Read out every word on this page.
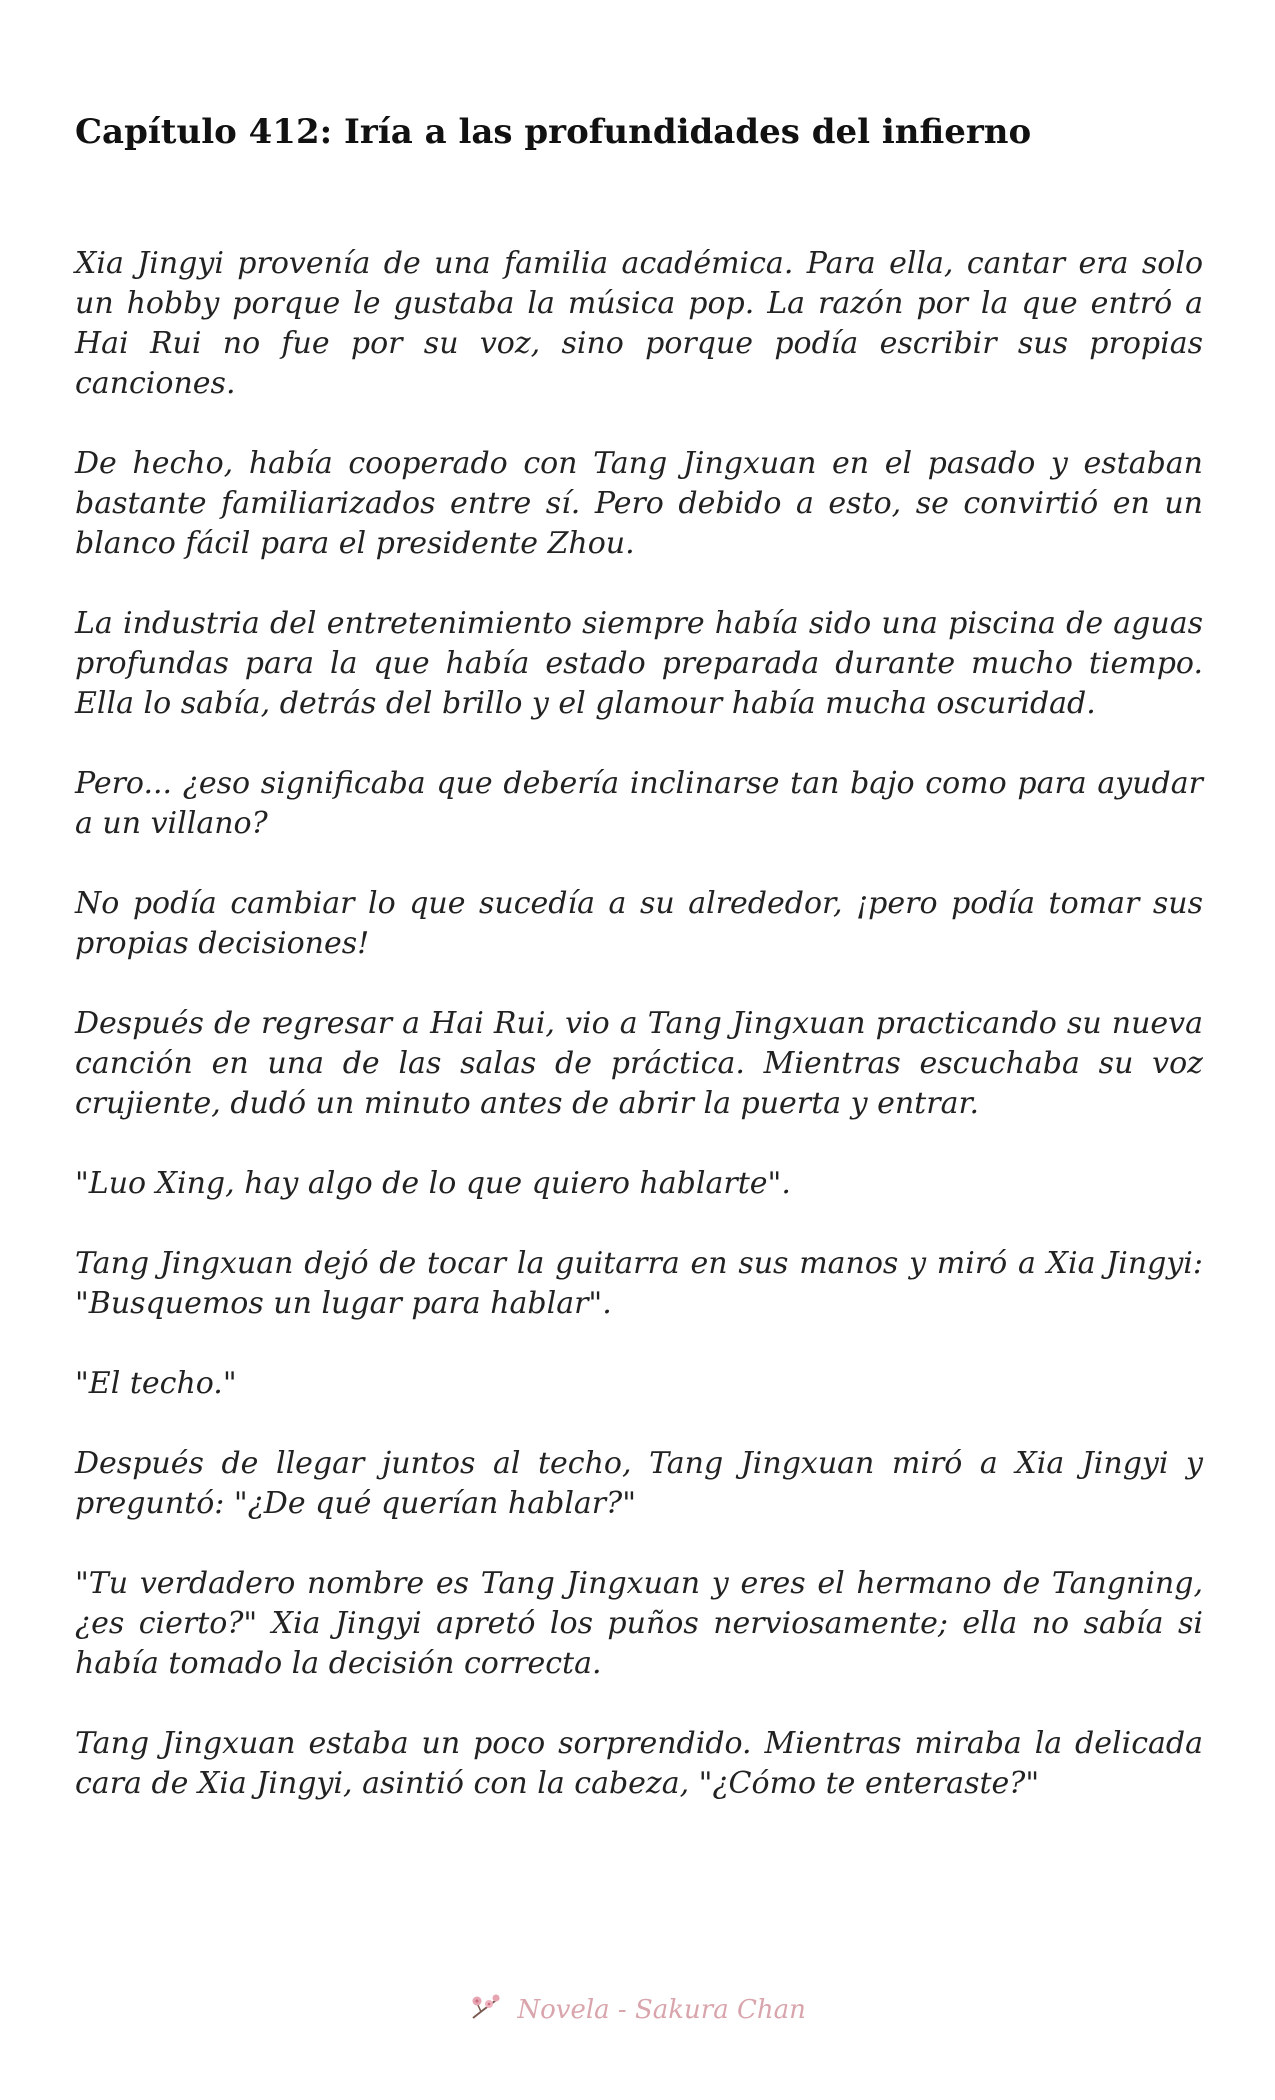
Capítulo 412: Iría a las profundidades del infierno

Xia Jingyi provenía de una familia académica. Para ella, cantar era solo un hobby porque le gustaba la música pop. La razón por la que entró a Hai Rui no fue por su voz, sino porque podía escribir sus propias canciones.

De hecho, había cooperado con Tang Jingxuan en el pasado y estaban bastante familiarizados entre sí. Pero debido a esto, se convirtió en un blanco fácil para el presidente Zhou.

La industria del entretenimiento siempre había sido una piscina de aguas profundas para la que había estado preparada durante mucho tiempo. Ella lo sabía, detrás del brillo y el glamour había mucha oscuridad.

Pero... ¿eso significaba que debería inclinarse tan bajo como para ayudar a un villano?

No podía cambiar lo que sucedía a su alrededor, ¡pero podía tomar sus propias decisiones!

Después de regresar a Hai Rui, vio a Tang Jingxuan practicando su nueva canción en una de las salas de práctica. Mientras escuchaba su voz crujiente, dudó un minuto antes de abrir la puerta y entrar.

"Luo Xing, hay algo de lo que quiero hablarte".

Tang Jingxuan dejó de tocar la guitarra en sus manos y miró a Xia Jingyi: "Busquemos un lugar para hablar".

"El techo."

Después de llegar juntos al techo, Tang Jingxuan miró a Xia Jingyi y preguntó: "¿De qué querían hablar?"

"Tu verdadero nombre es Tang Jingxuan y eres el hermano de Tangning, ¿es cierto?" Xia Jingyi apretó los puños nerviosamente; ella no sabía si había tomado la decisión correcta.

Tang Jingxuan estaba un poco sorprendido. Mientras miraba la delicada cara de Xia Jingyi, asintió con la cabeza, "¿Cómo te enteraste?"

Novela - Sakura Chan
